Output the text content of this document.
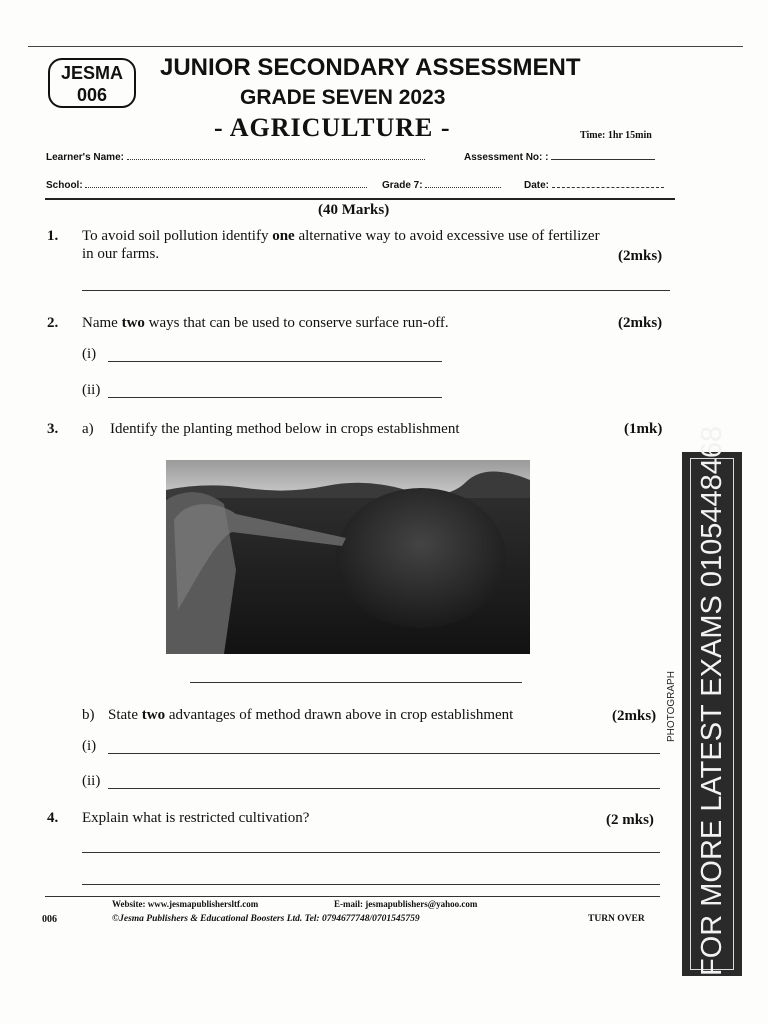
JESMA
006
JUNIOR SECONDARY ASSESSMENT
GRADE SEVEN 2023
- AGRICULTURE -	Time: 1hr 15min
Learner's Name:	Assessment No: :
School:	Grade 7:	Date:
(40 Marks)
1. To avoid soil pollution identify one alternative way to avoid excessive use of fertilizer
in our farms.	(2mks)
2. Name two ways that can be used to conserve surface run-off.	(2mks)
(i)
(ii)
3. a) Identify the planting method below in crops establishment	(1mk)
b) State two advantages of method drawn above in crop establishment	(2mks)
(i)
(ii)
4. Explain what is restricted cultivation?	(2 mks)	FOR MORE LATEST EXAMS 0105448468
PHOTOGRAPH
Website: www.jesmapublishersltf.com	E-mail: jesmapublishers@yahoo.com
006	©Jesma Publishers & Educational Boosters Ltd. Tel: 0794677748/0701545759	TURN OVER
